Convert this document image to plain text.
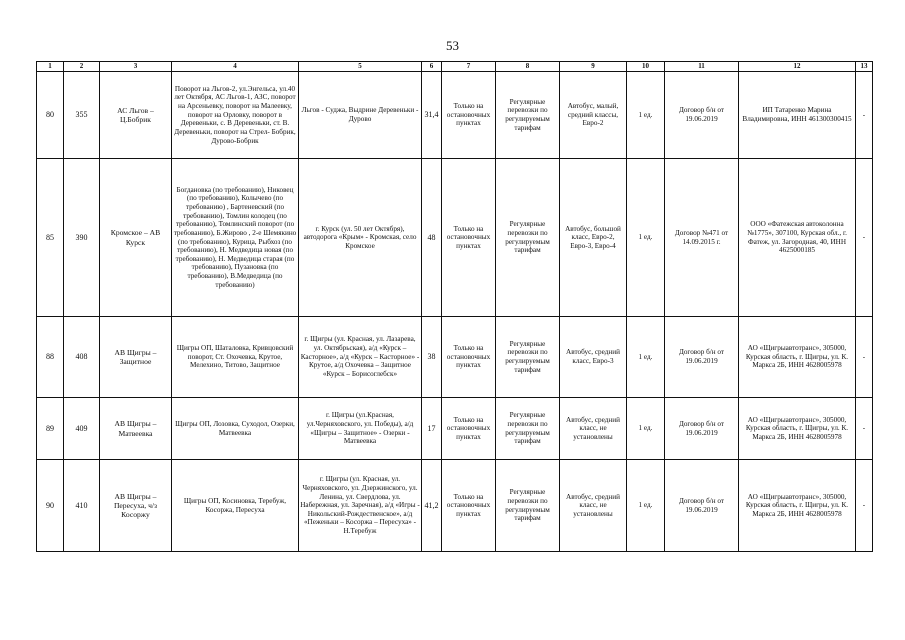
53
1	2	3	4	5	6	7	8	9	10	11	12	13
80	355	АС Льгов – Ц.Бобрик	Поворот на Льгов-2, ул.Энгельса, ул.40 лет Октября, АС Льгов-1, АЗС, поворот на Арсеньевку, поворот на Малеевку, поворот на Орловку, поворот в Деревеньки, с. В Деревеньки, ст. В. Деревеньки, поворот на Стрел- Бобрик, Дурово-Бобрик	Льгов - Суджа, Выдрине Деревеньки - Дурово	31,4	Только на остановочных пунктах	Регулярные перевозки по регулируемым тарифам	Автобус, малый, средний классы, Евро-2	1 ед.	Договор б/н от 19.06.2019	ИП Татаренко Марина Владимировна, ИНН 461300300415	-
85	390	Кромское – АВ Курск	Богдановка (по требованию), Никовец (по требованию), Колычево (по требованию) , Бартеневский (по требованию), Томлин колодец (по требованию), Томлинский поворот (по требованию), Б.Жирово , 2-е Шемякино (по требованию), Курица, Рыбхоз (по требованию), Н. Медведица новая (по требованию), Н. Медведица старая (по требованию), Пузановка (по требованию), В.Медведица (по требованию)	г. Курск (ул. 50 лет Октября), автодорога «Крым» - Кромская, село Кромское	48	Только на остановочных пунктах	Регулярные перевозки по регулируемым тарифам	Автобус, большой класс, Евро-2, Евро-3, Евро-4	1 ед.	Договор №471 от 14.09.2015 г.	ООО «Фатежская автоколонна №1775», 307100, Курская обл., г. Фатеж, ул. Загородная, 40, ИНН 4625000185	-
88	408	АВ Щигры – Защитное	Щигры ОП, Шаталовка, Кривцовский поворот, Ст. Охочевка, Крутое, Мелехино, Титово, Защитное	г. Щигры (ул. Красная, ул. Лазарева, ул. Октябрьская), а/д «Курск – Касторное», а/д «Курск – Касторное» - Крутое, а/д Охочевка – Защитное «Курск – Борисоглебск»	38	Только на остановочных пунктах	Регулярные перевозки по регулируемым тарифам	Автобус, средний класс, Евро-3	1 ед.	Договор б/н от 19.06.2019	АО «Щигрыавтотранс», 305000, Курская область, г. Щигры, ул. К. Маркса 2Б, ИНН 4628005978	-
89	409	АВ Щигры – Матвеевка	Щигры ОП, Лозовка, Суходол, Озерки, Матвеевка	г. Щигры (ул.Красная, ул.Черняховского, ул. Победы), а/д «Щигры – Защитное» - Озерки - Матвеевка	17	Только на остановочных пунктах	Регулярные перевозки по регулируемым тарифам	Автобус, средний класс, не установлены	1 ед.	Договор б/н от 19.06.2019	АО «Щигрыавтотранс», 305000, Курская область, г. Щигры, ул. К. Маркса 2Б, ИНН 4628005978	-
90	410	АВ Щигры – Пересуха, ч/з Косоржу	Щигры ОП, Косиновка, Теребуж, Косоржа, Пересуха	г. Щигры (ул. Красная, ул. Черняховского, ул. Дзержинского, ул. Ленина, ул. Свердлова, ул. Набережная, ул. Заречная), а/д «Игры - Никольский-Рождественское», а/д «Пеженьки – Косоржа – Пересуха» - Н.Теребуж	41,2	Только на остановочных пунктах	Регулярные перевозки по регулируемым тарифам	Автобус, средний класс, не установлены	1 ед.	Договор б/н от 19.06.2019	АО «Щигрыавтотранс», 305000, Курская область, г. Щигры, ул. К. Маркса 2Б, ИНН 4628005978	-
